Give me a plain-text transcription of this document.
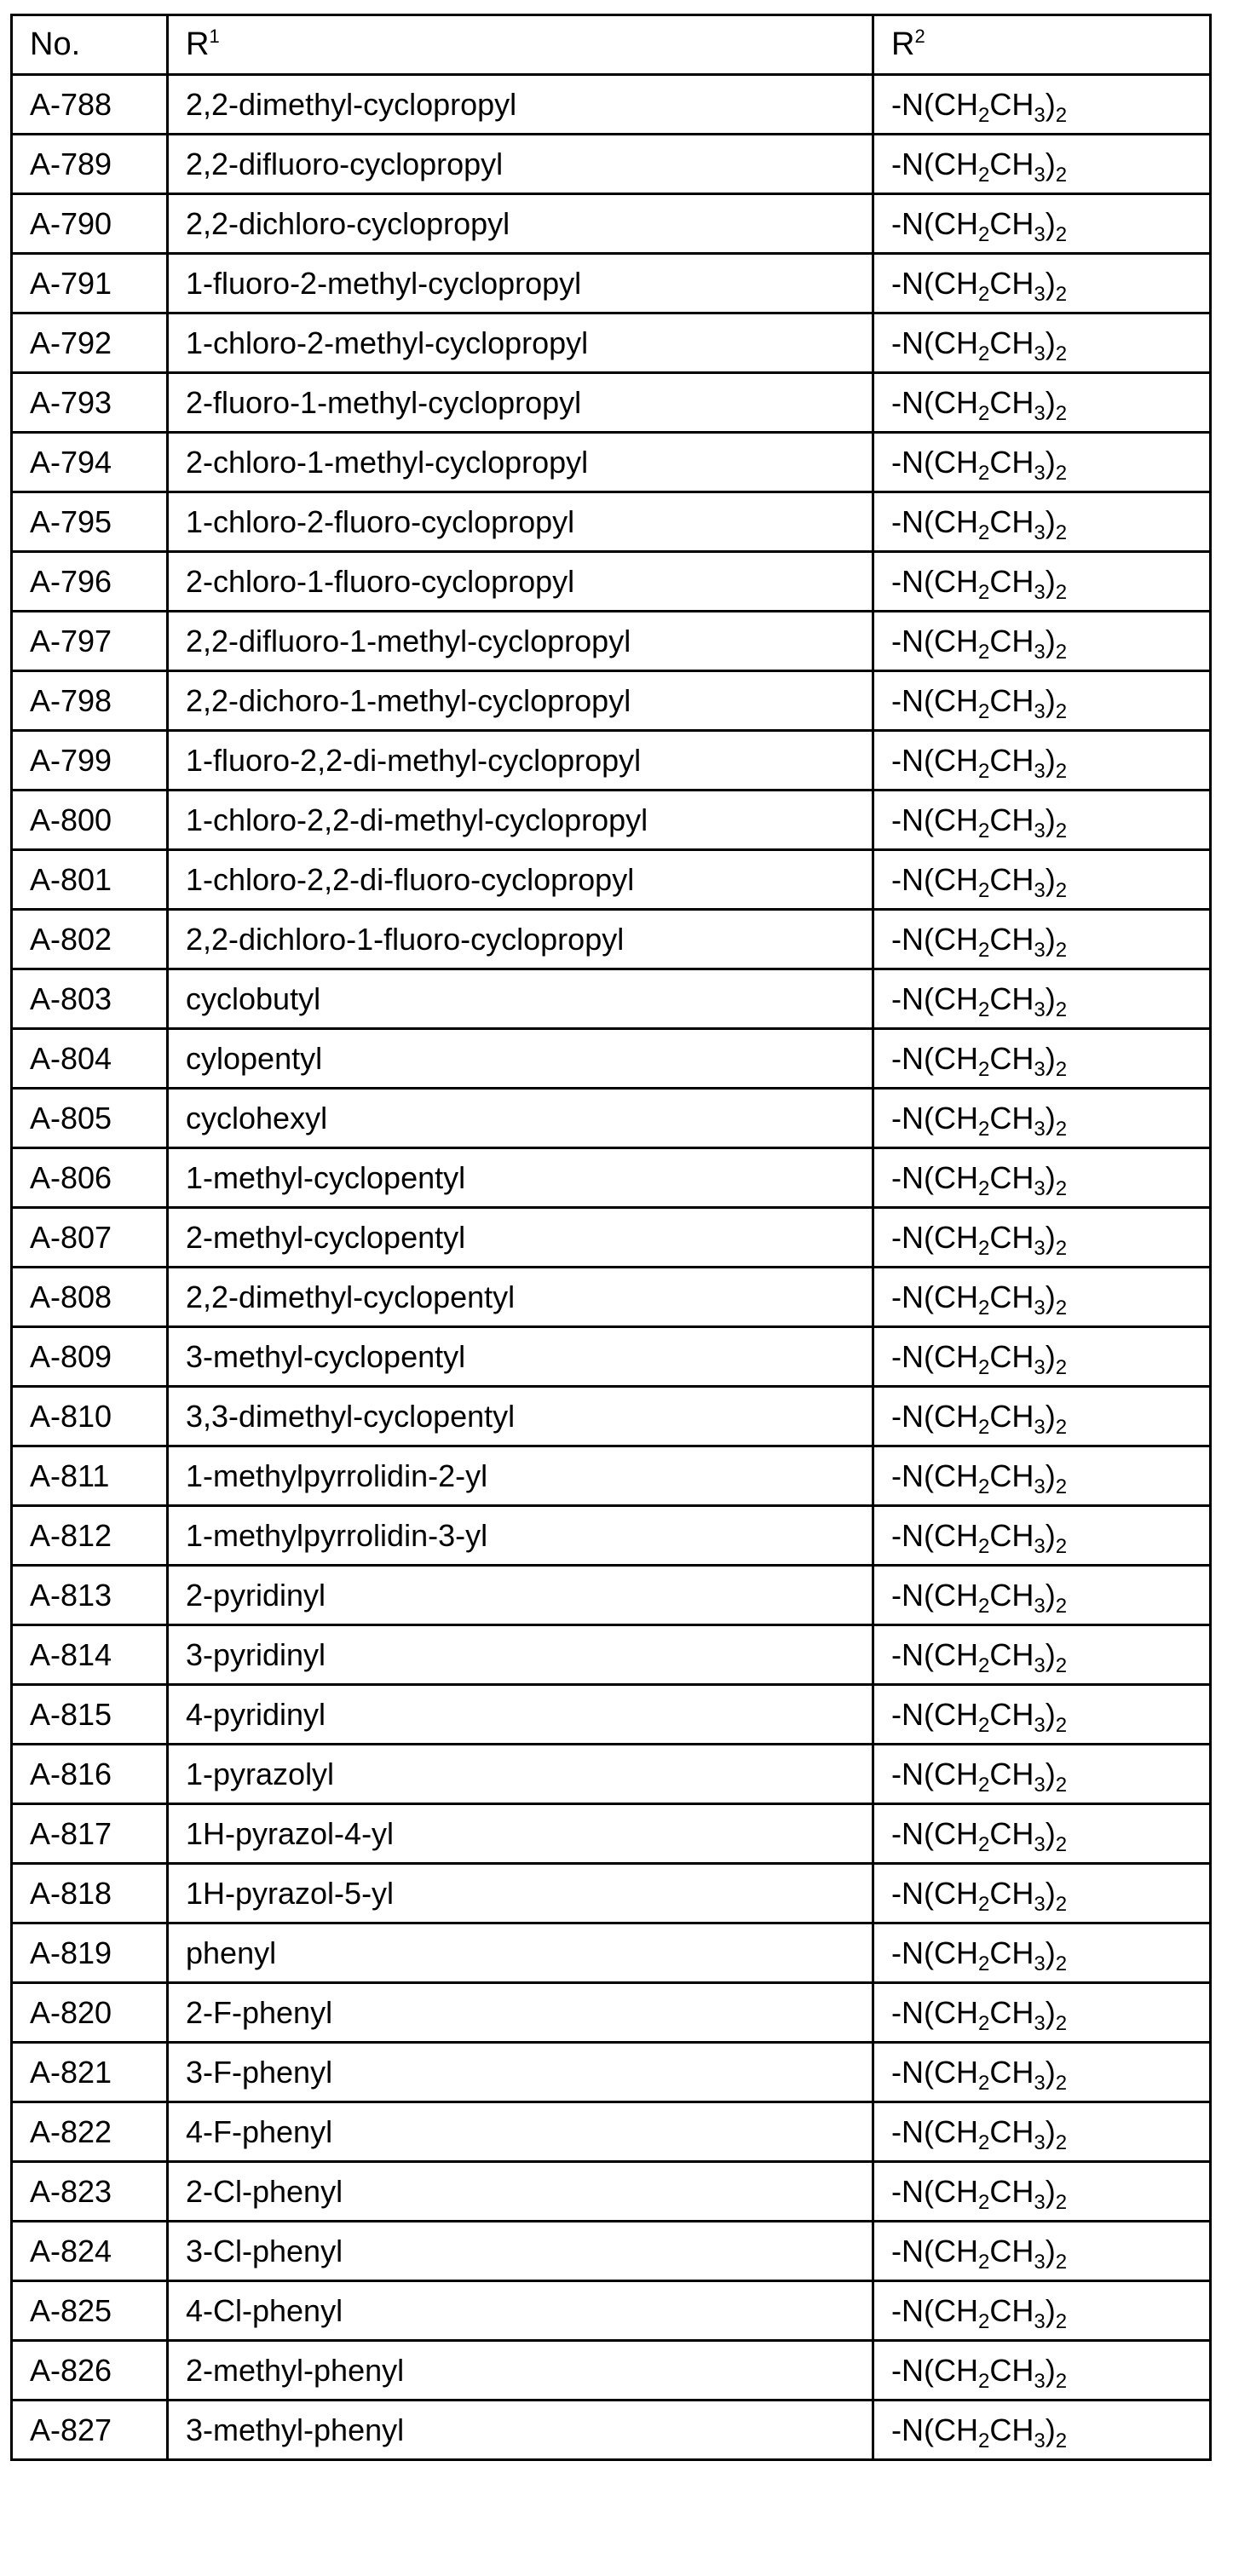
No.	R1	R2
A-788	2,2-dimethyl-cyclopropyl	-N(CH2CH3)2
A-789	2,2-difluoro-cyclopropyl	-N(CH2CH3)2
A-790	2,2-dichloro-cyclopropyl	-N(CH2CH3)2
A-791	1-fluoro-2-methyl-cyclopropyl	-N(CH2CH3)2
A-792	1-chloro-2-methyl-cyclopropyl	-N(CH2CH3)2
A-793	2-fluoro-1-methyl-cyclopropyl	-N(CH2CH3)2
A-794	2-chloro-1-methyl-cyclopropyl	-N(CH2CH3)2
A-795	1-chloro-2-fluoro-cyclopropyl	-N(CH2CH3)2
A-796	2-chloro-1-fluoro-cyclopropyl	-N(CH2CH3)2
A-797	2,2-difluoro-1-methyl-cyclopropyl	-N(CH2CH3)2
A-798	2,2-dichoro-1-methyl-cyclopropyl	-N(CH2CH3)2
A-799	1-fluoro-2,2-di-methyl-cyclopropyl	-N(CH2CH3)2
A-800	1-chloro-2,2-di-methyl-cyclopropyl	-N(CH2CH3)2
A-801	1-chloro-2,2-di-fluoro-cyclopropyl	-N(CH2CH3)2
A-802	2,2-dichloro-1-fluoro-cyclopropyl	-N(CH2CH3)2
A-803	cyclobutyl	-N(CH2CH3)2
A-804	cylopentyl	-N(CH2CH3)2
A-805	cyclohexyl	-N(CH2CH3)2
A-806	1-methyl-cyclopentyl	-N(CH2CH3)2
A-807	2-methyl-cyclopentyl	-N(CH2CH3)2
A-808	2,2-dimethyl-cyclopentyl	-N(CH2CH3)2
A-809	3-methyl-cyclopentyl	-N(CH2CH3)2
A-810	3,3-dimethyl-cyclopentyl	-N(CH2CH3)2
A-811	1-methylpyrrolidin-2-yl	-N(CH2CH3)2
A-812	1-methylpyrrolidin-3-yl	-N(CH2CH3)2
A-813	2-pyridinyl	-N(CH2CH3)2
A-814	3-pyridinyl	-N(CH2CH3)2
A-815	4-pyridinyl	-N(CH2CH3)2
A-816	1-pyrazolyl	-N(CH2CH3)2
A-817	1H-pyrazol-4-yl	-N(CH2CH3)2
A-818	1H-pyrazol-5-yl	-N(CH2CH3)2
A-819	phenyl	-N(CH2CH3)2
A-820	2-F-phenyl	-N(CH2CH3)2
A-821	3-F-phenyl	-N(CH2CH3)2
A-822	4-F-phenyl	-N(CH2CH3)2
A-823	2-Cl-phenyl	-N(CH2CH3)2
A-824	3-Cl-phenyl	-N(CH2CH3)2
A-825	4-Cl-phenyl	-N(CH2CH3)2
A-826	2-methyl-phenyl	-N(CH2CH3)2
A-827	3-methyl-phenyl	-N(CH2CH3)2
